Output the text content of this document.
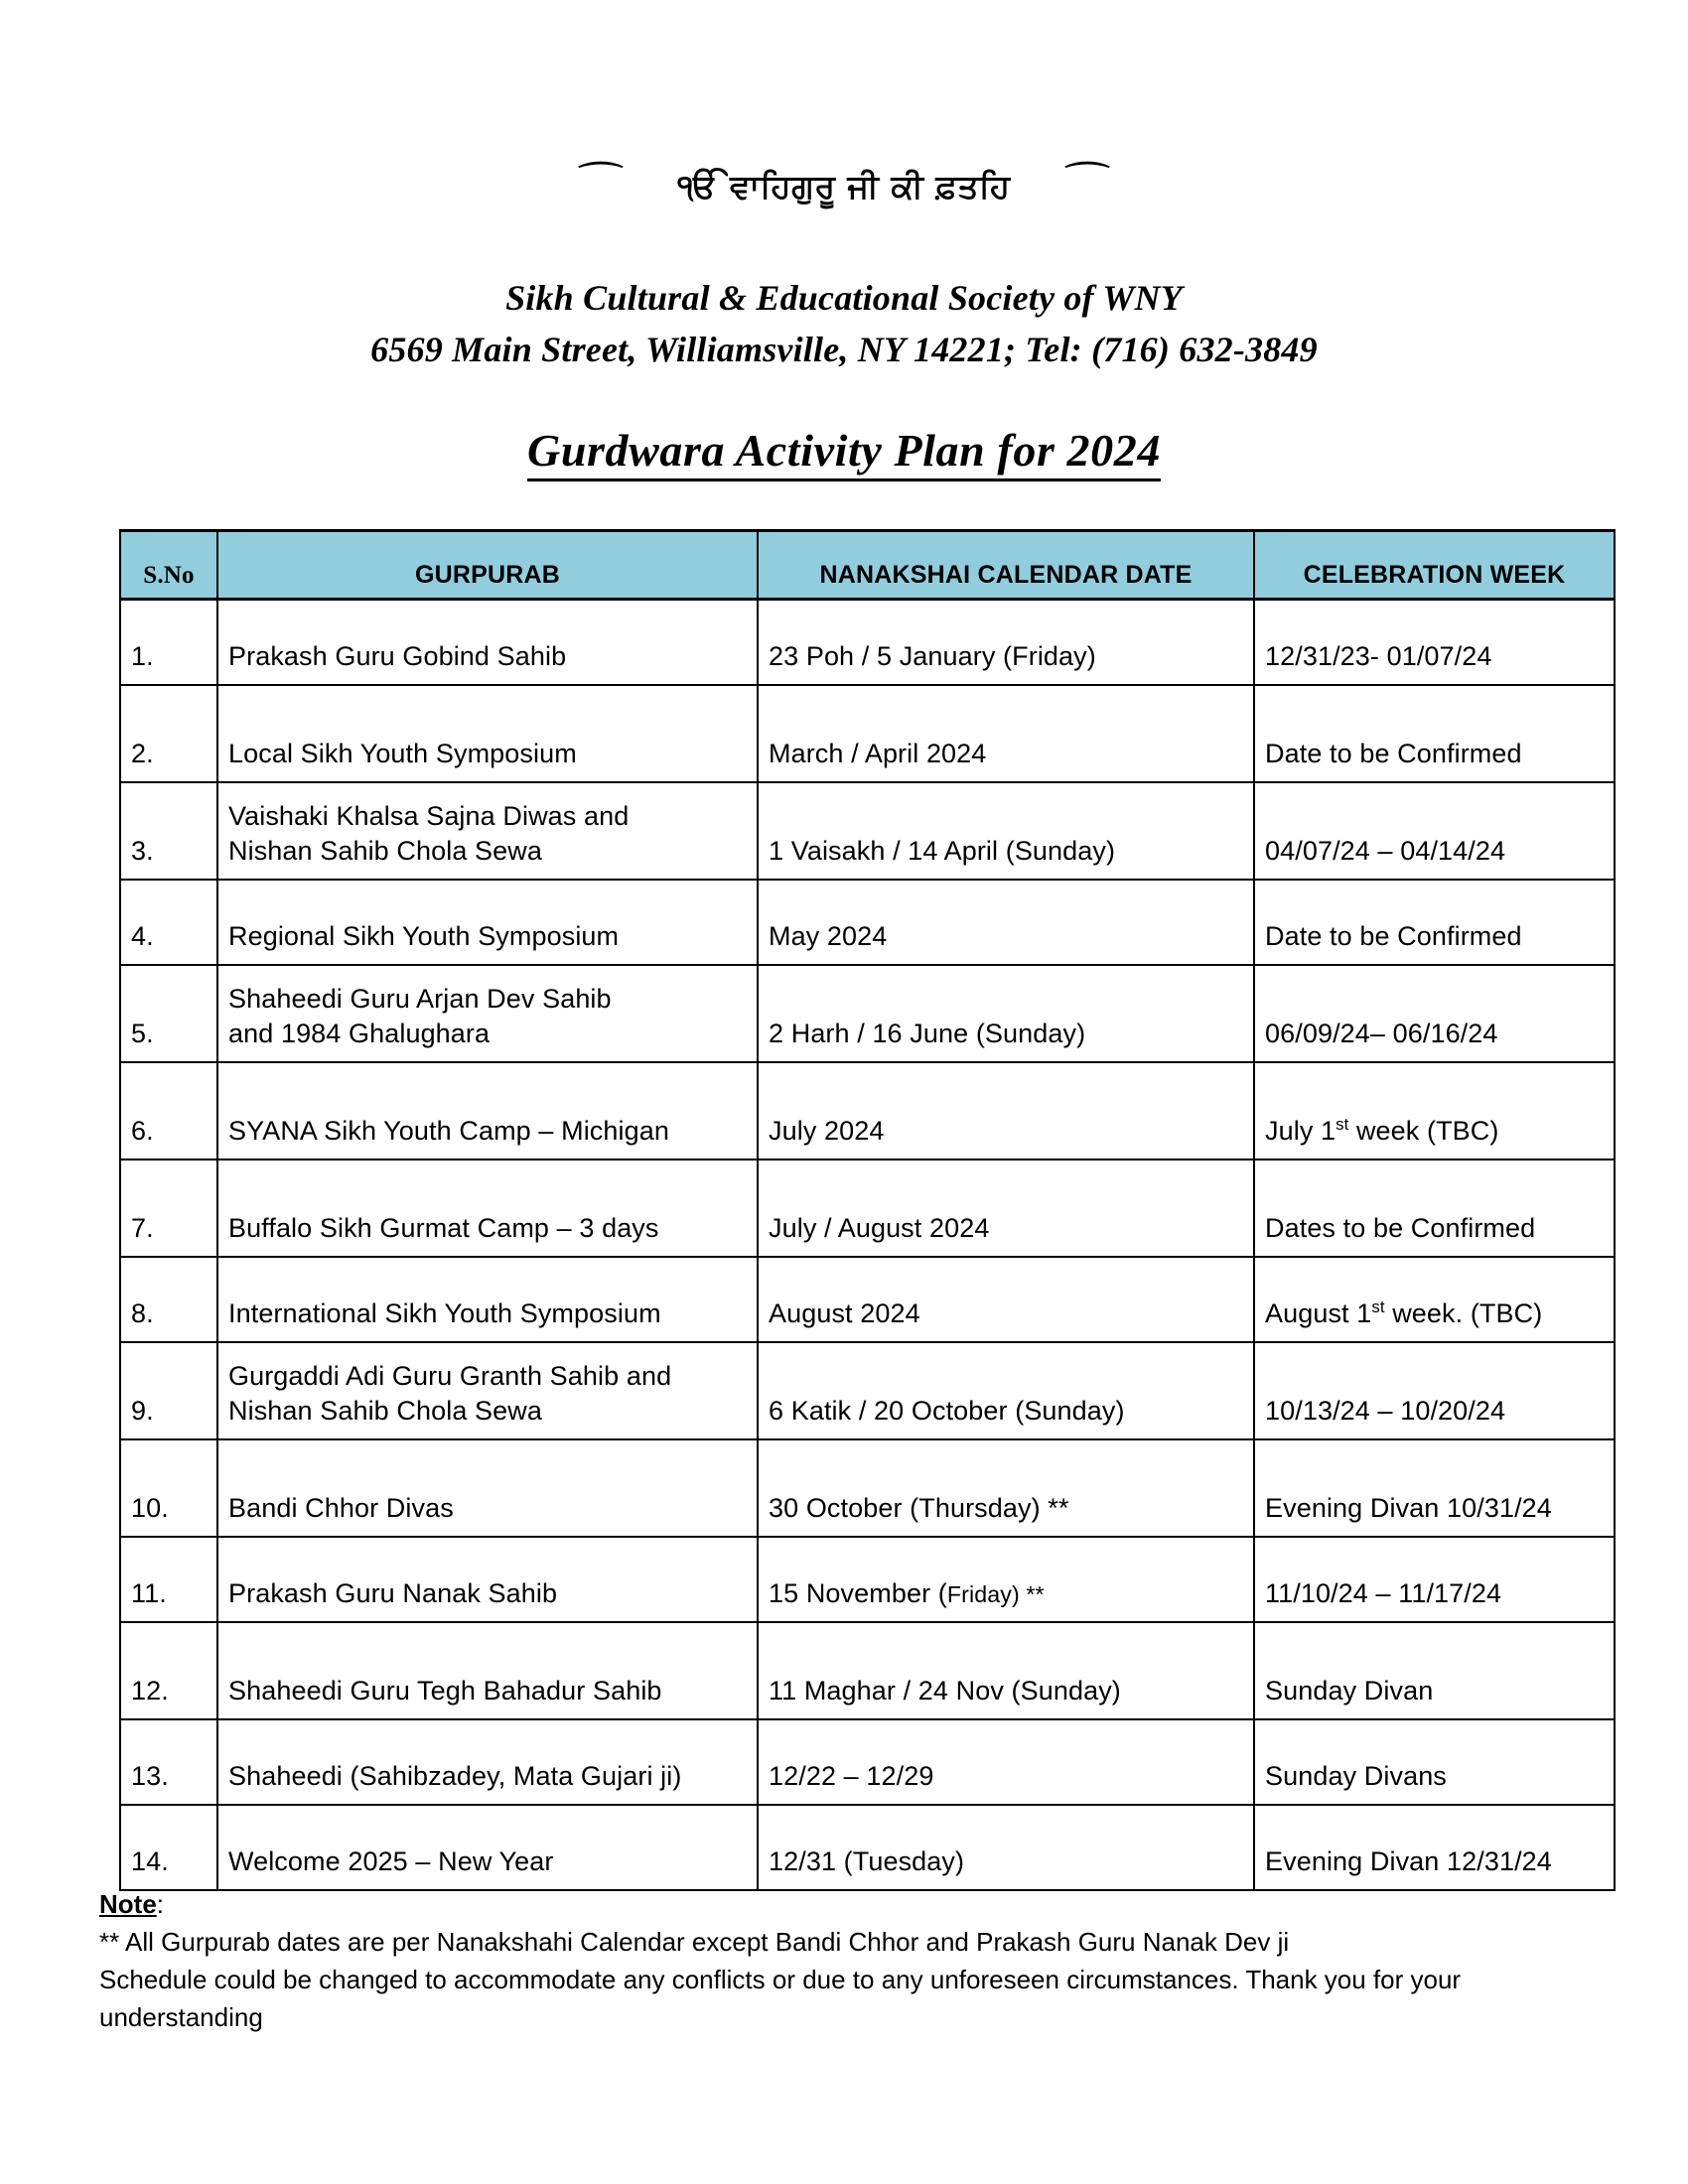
⌒ ੴ ਵਾਹਿਗੁਰੂ ਜੀ ਕੀ ਫ਼ਤਹਿ ⌒
Sikh Cultural & Educational Society of WNY
6569 Main Street, Williamsville, NY 14221; Tel: (716) 632-3849
Gurdwara Activity Plan for 2024
S.No	GURPURAB	NANAKSHAI CALENDAR DATE	CELEBRATION WEEK
1.	Prakash Guru Gobind Sahib	23 Poh / 5 January (Friday)	12/31/23- 01/07/24
2.	Local Sikh Youth Symposium	March / April 2024	Date to be Confirmed
3.	Vaishaki Khalsa Sajna Diwas and
Nishan Sahib Chola Sewa	1 Vaisakh / 14 April (Sunday)	04/07/24 – 04/14/24
4.	Regional Sikh Youth Symposium	May 2024	Date to be Confirmed
5.	Shaheedi Guru Arjan Dev Sahib
and 1984 Ghalughara	2 Harh / 16 June (Sunday)	06/09/24– 06/16/24
6.	SYANA Sikh Youth Camp – Michigan	July 2024	July 1st week (TBC)
7.	Buffalo Sikh Gurmat Camp – 3 days	July / August 2024	Dates to be Confirmed
8.	International Sikh Youth Symposium	August 2024	August 1st week. (TBC)
9.	Gurgaddi Adi Guru Granth Sahib and
Nishan Sahib Chola Sewa	6 Katik / 20 October (Sunday)	10/13/24 – 10/20/24
10.	Bandi Chhor Divas	30 October (Thursday) **	Evening Divan 10/31/24
11.	Prakash Guru Nanak Sahib	15 November (Friday) **	11/10/24 – 11/17/24
12.	Shaheedi Guru Tegh Bahadur Sahib	11 Maghar / 24 Nov (Sunday)	Sunday Divan
13.	Shaheedi (Sahibzadey, Mata Gujari ji)	12/22 – 12/29	Sunday Divans
14.	Welcome 2025 – New Year	12/31 (Tuesday)	Evening Divan 12/31/24
Note:
** All Gurpurab dates are per Nanakshahi Calendar except Bandi Chhor and Prakash Guru Nanak Dev ji
Schedule could be changed to accommodate any conflicts or due to any unforeseen circumstances. Thank you for your
understanding
